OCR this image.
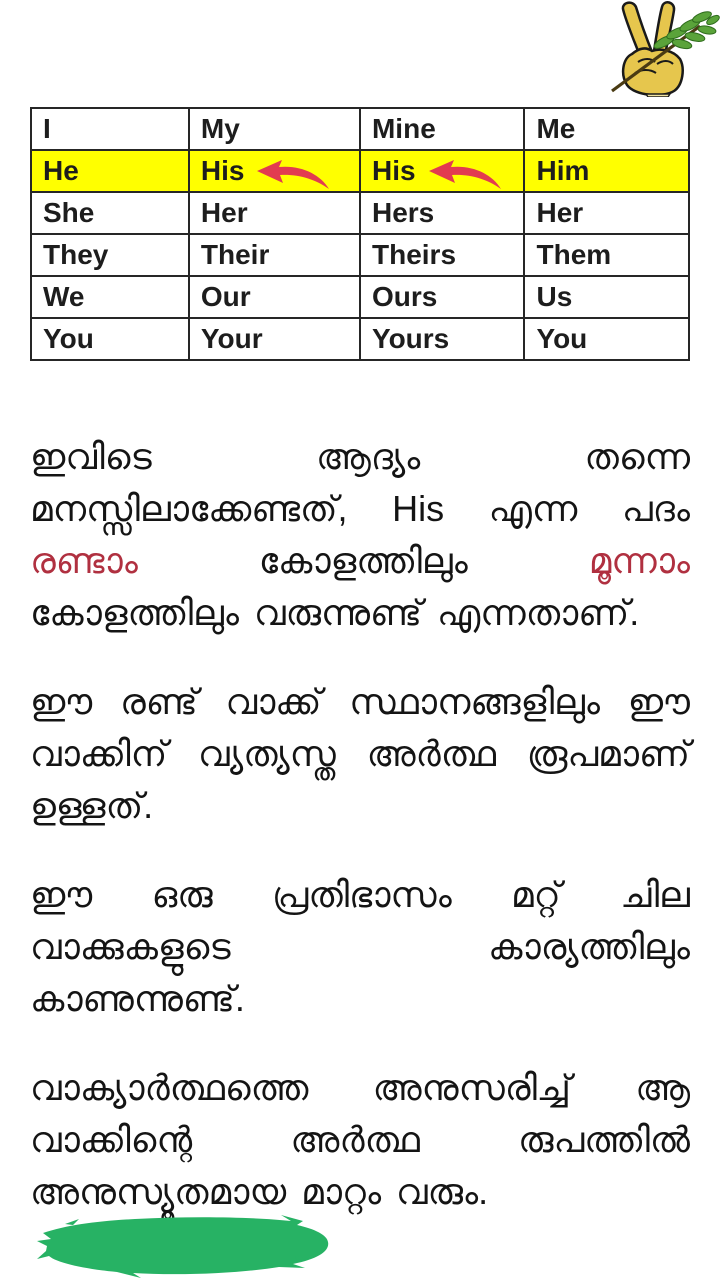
I	My	Mine	Me

He	His	His	Him

She	Her	Hers	Her

They	Their	Theirs	Them

We	Our	Ours	Us

You	Your	Yours	You
ഇവിടെ	ആദ്യം	തന്നെ
മനസ്സിലാക്കേണ്ടത്, His എന്ന പദം
രണ്ടാം	കോളത്തിലും	മൂന്നാം
കോളത്തിലും വരുന്നുണ്ട് എന്നതാണ്.
ഈ രണ്ട് വാക്ക് സ്ഥാനങ്ങളിലും ഈ
വാക്കിന് വ്യത്യസ്ത അർത്ഥ രൂപമാണ്
ഉള്ളത്.
ഈ ഒരു പ്രതിഭാസം മറ്റ് ചില
വാക്കുകളുടെ	കാര്യത്തിലും
കാണുന്നുണ്ട്.
വാക്യാർത്ഥത്തെ അനുസരിച്ച് ആ
വാക്കിന്റെ	അർത്ഥ	രുപത്തിൽ
അനുസ്യൂതമായ മാറ്റം വരും.
